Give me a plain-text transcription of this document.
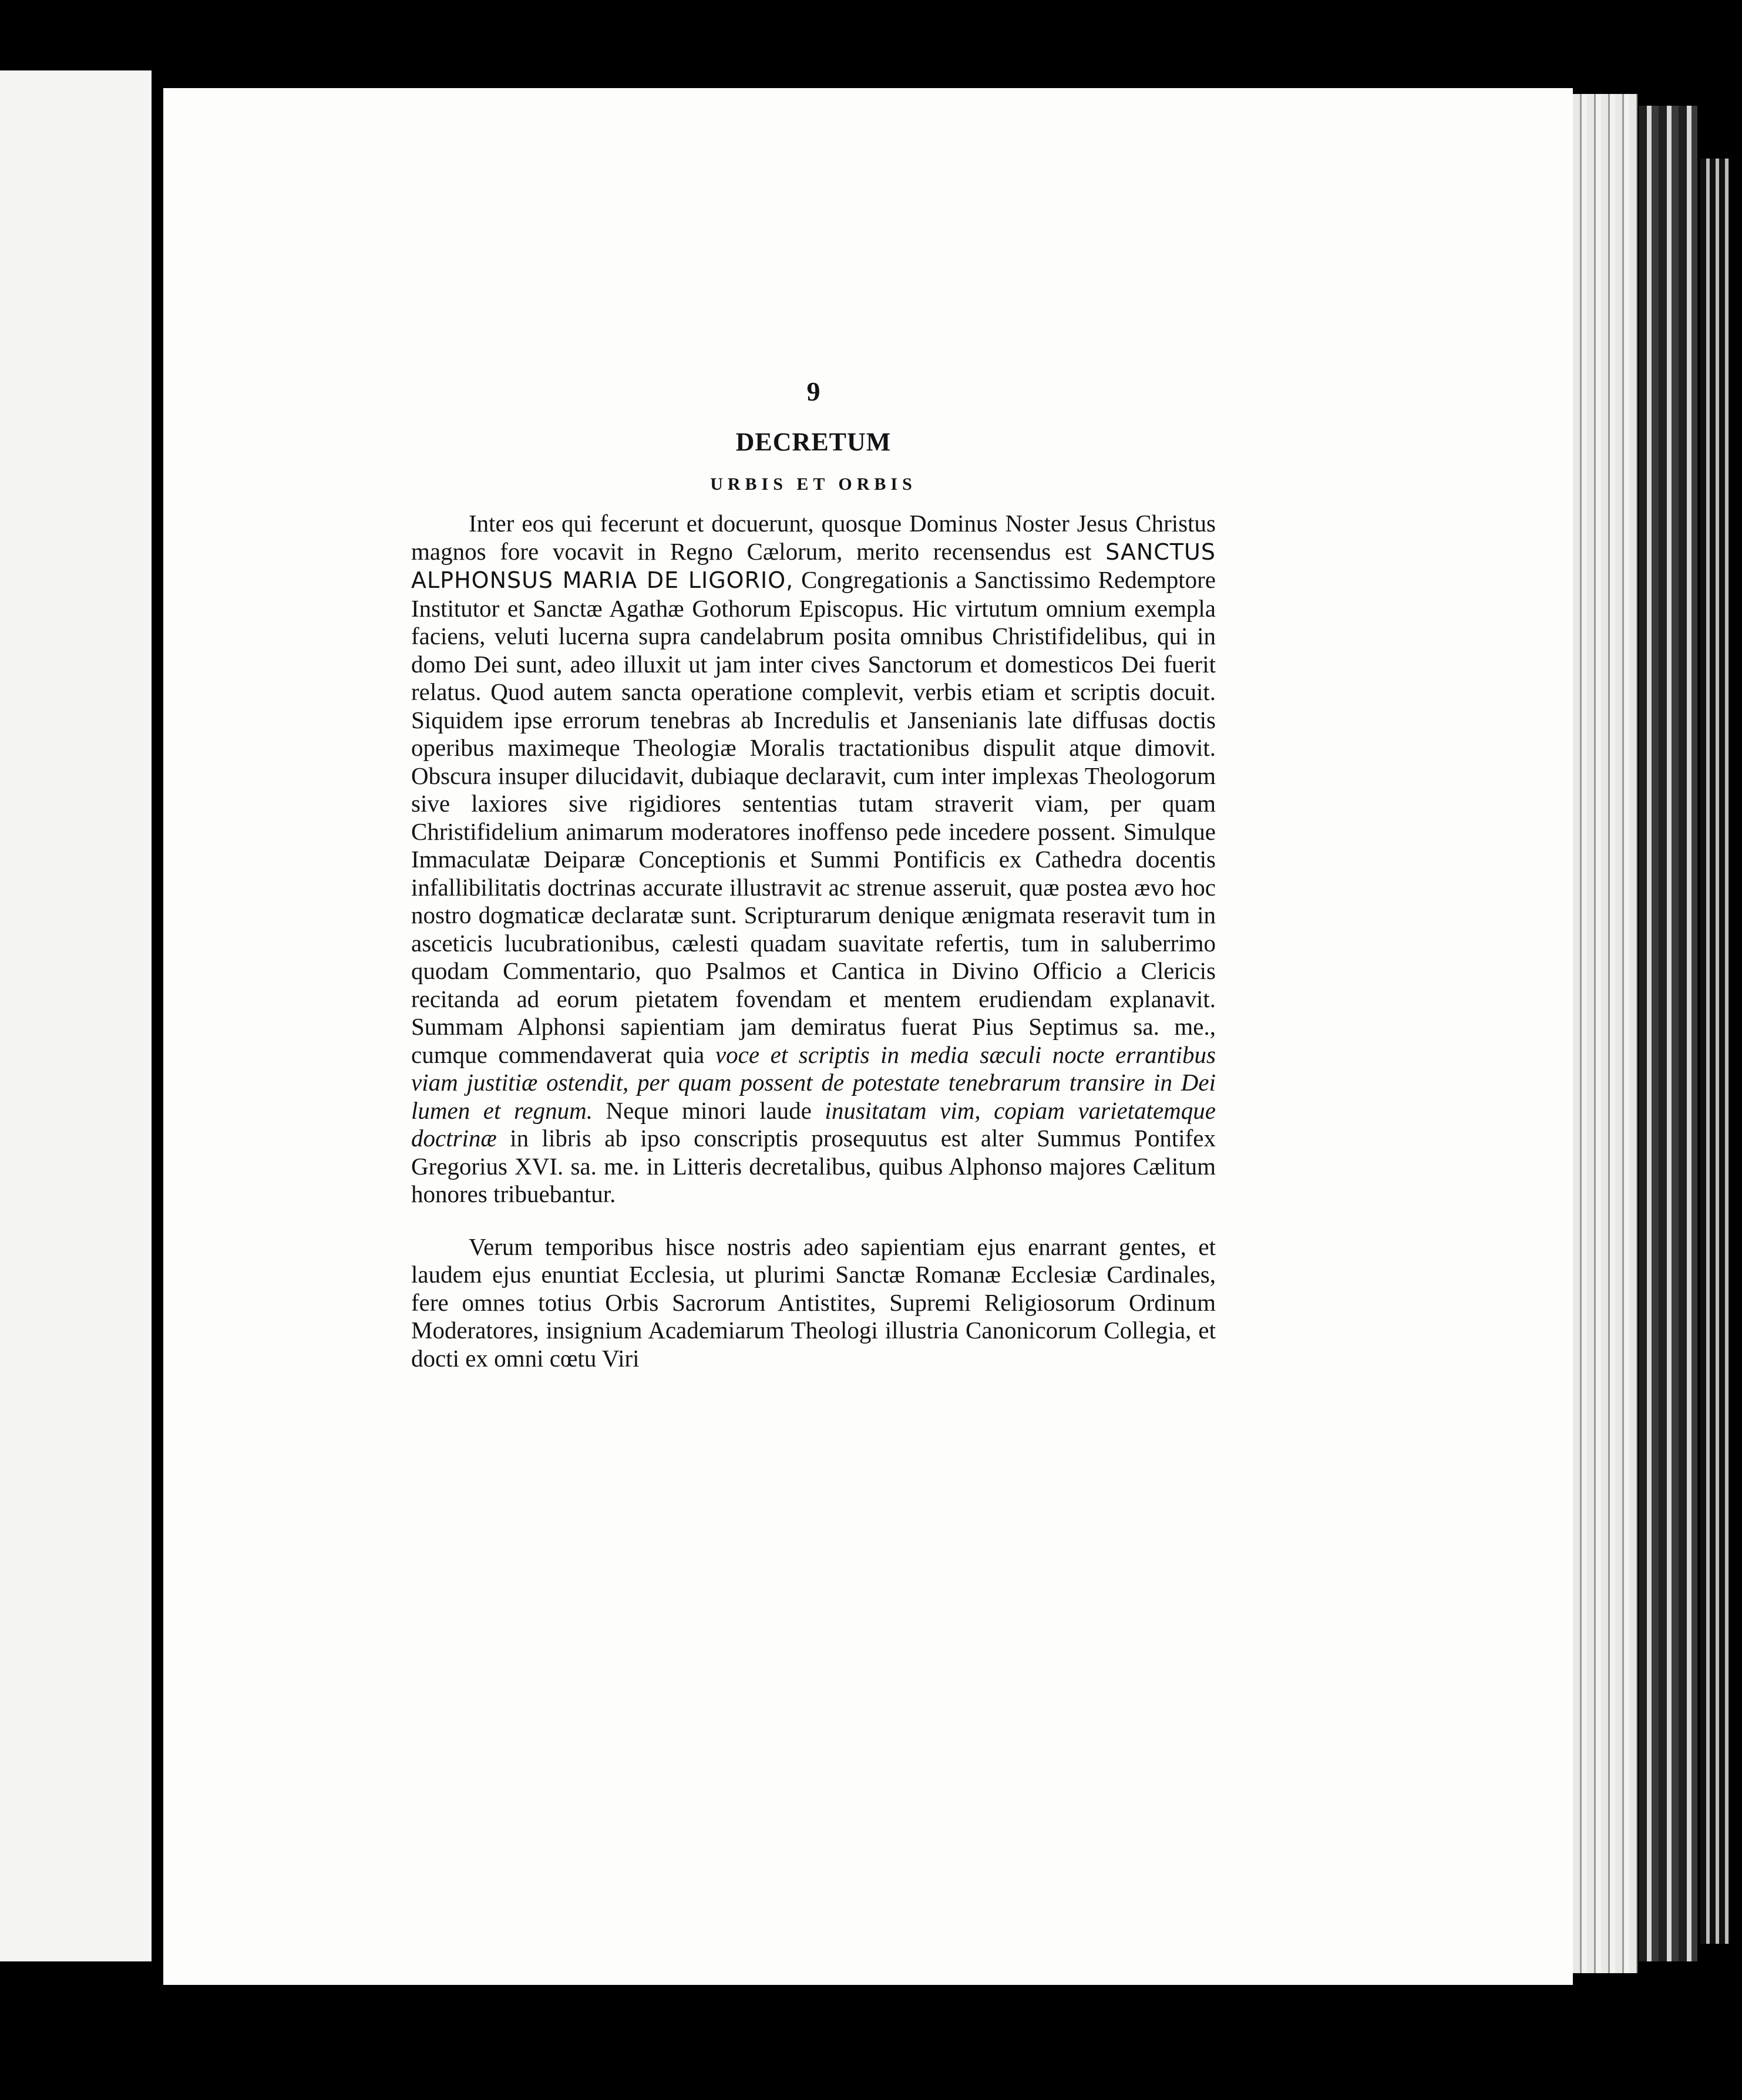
9
DECRETUM
URBIS ET ORBIS

Inter eos qui fecerunt et docuerunt, quosque Dominus Noster Jesus Christus magnos fore vocavit in Regno Cælorum, merito recensendus est SANCTUS ALPHONSUS MARIA DE LIGORIO, Congregationis a Sanctissimo Redemptore Institutor et Sanctæ Agathæ Gothorum Episcopus. Hic virtutum omnium exempla faciens, veluti lucerna supra candelabrum posita omnibus Christifidelibus, qui in domo Dei sunt, adeo illuxit ut jam inter cives Sanctorum et domesticos Dei fuerit relatus. Quod autem sancta operatione complevit, verbis etiam et scriptis docuit. Siquidem ipse errorum tenebras ab Incredulis et Jansenianis late diffusas doctis operibus maximeque Theologiæ Moralis tractationibus dispulit atque dimovit. Obscura insuper dilucidavit, dubiaque declaravit, cum inter implexas Theologorum sive laxiores sive rigidiores sententias tutam straverit viam, per quam Christifidelium animarum moderatores inoffenso pede incedere possent. Simulque Immaculatæ Deiparæ Conceptionis et Summi Pontificis ex Cathedra docentis infallibilitatis doctrinas accurate illustravit ac strenue asseruit, quæ postea ævo hoc nostro dogmaticæ declaratæ sunt. Scripturarum denique ænigmata reseravit tum in asceticis lucubrationibus, cælesti quadam suavitate refertis, tum in saluberrimo quodam Commentario, quo Psalmos et Cantica in Divino Officio a Clericis recitanda ad eorum pietatem fovendam et mentem erudiendam explanavit. Summam Alphonsi sapientiam jam demiratus fuerat Pius Septimus sa. me., cumque commendaverat quia voce et scriptis in media sæculi nocte errantibus viam justitiæ ostendit, per quam possent de potestate tenebrarum transire in Dei lumen et regnum. Neque minori laude inusitatam vim, copiam varietatemque doctrinæ in libris ab ipso conscriptis prosequutus est alter Summus Pontifex Gregorius XVI. sa. me. in Litteris decretalibus, quibus Alphonso majores Cælitum honores tribuebantur.

Verum temporibus hisce nostris adeo sapientiam ejus enarrant gentes, et laudem ejus enuntiat Ecclesia, ut plurimi Sanctæ Romanæ Ecclesiæ Cardinales, fere omnes totius Orbis Sacrorum Antistites, Supremi Religiosorum Ordinum Moderatores, insignium Academiarum Theologi illustria Canonicorum Collegia, et docti ex omni cœtu Viri
